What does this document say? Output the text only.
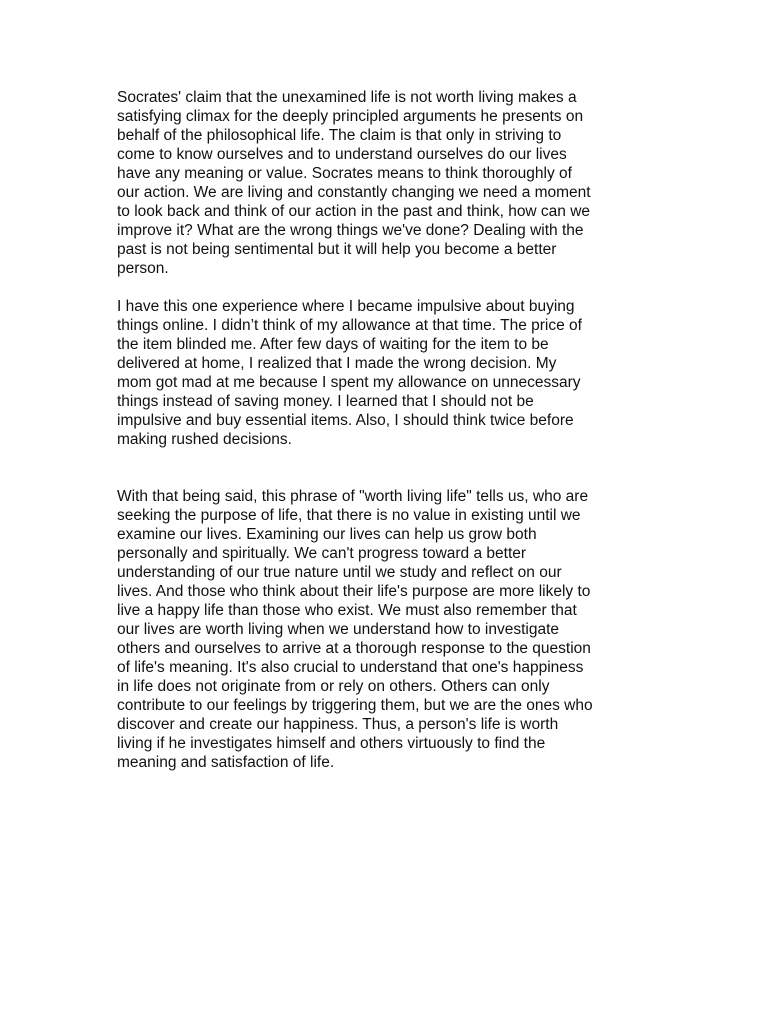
Socrates' claim that the unexamined life is not worth living makes a
satisfying climax for the deeply principled arguments he presents on
behalf of the philosophical life. The claim is that only in striving to
come to know ourselves and to understand ourselves do our lives
have any meaning or value. Socrates means to think thoroughly of
our action. We are living and constantly changing we need a moment
to look back and think of our action in the past and think, how can we
improve it? What are the wrong things we've done? Dealing with the
past is not being sentimental but it will help you become a better
person.

I have this one experience where I became impulsive about buying
things online. I didn’t think of my allowance at that time. The price of
the item blinded me. After few days of waiting for the item to be
delivered at home, I realized that I made the wrong decision. My
mom got mad at me because I spent my allowance on unnecessary
things instead of saving money. I learned that I should not be
impulsive and buy essential items. Also, I should think twice before
making rushed decisions.

With that being said, this phrase of "worth living life" tells us, who are
seeking the purpose of life, that there is no value in existing until we
examine our lives. Examining our lives can help us grow both
personally and spiritually. We can't progress toward a better
understanding of our true nature until we study and reflect on our
lives. And those who think about their life's purpose are more likely to
live a happy life than those who exist. We must also remember that
our lives are worth living when we understand how to investigate
others and ourselves to arrive at a thorough response to the question
of life's meaning. It's also crucial to understand that one's happiness
in life does not originate from or rely on others. Others can only
contribute to our feelings by triggering them, but we are the ones who
discover and create our happiness. Thus, a person's life is worth
living if he investigates himself and others virtuously to find the
meaning and satisfaction of life.
